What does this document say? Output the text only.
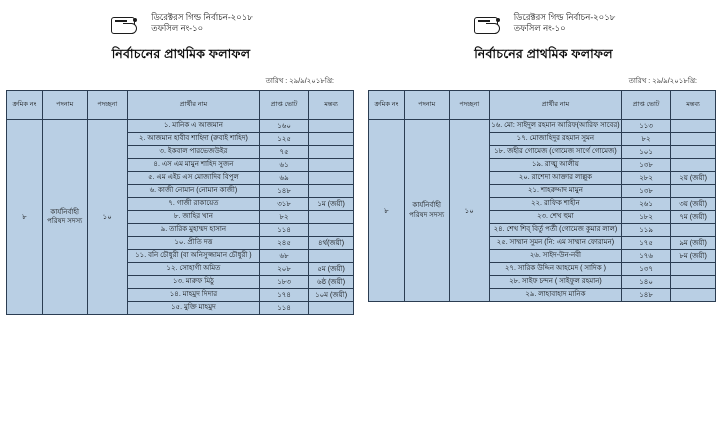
ডিরেক্টরস গিল্ড নির্বাচন-২০১৮
তফসিল নং-১০
নির্বাচনের প্রাথমিক ফলাফল
তারিখ : ২৯/৯/২০১৮খ্রি:
ক্রমিক নং	পদনাম	পদচ্ছনা	প্রার্থীর নাম	প্রাপ্ত ভোট	মন্তব্য
৮	কার্যনির্বাহী পরিষদ সদস্য	১০	১. মানিক এ আজমান	১৬০	
			২. আজমান হাবীব শাহিদা (রুবাই শাহিদ)	১২৫	
			৩. ইকবাল পারভেজউইর	৭৫	
			৪. এস এম মামুন শাহিদ সুজন	৬১	
			৫. এম এইচ এস মোজাদিব বিপুল	৬৯	
			৬. কাজী নোমান (নোমান কাজী)	১৪৮	
			৭. গাজী রাকায়েত	৩১৮	১ম (জয়ী)
			৮. জাহির খান	৮২	
			৯. তারিক মুহাম্মদ হাসান	১১৪	
			১০. প্রীতি দত্ত	২৪৫	৪র্থ(জয়ী)
			১১. বনি চৌধুরী (বা অনিসুজ্জামান চৌধুরী )	৬৮	
			১২. সোহাগী অমিত	২০৮	৫ম (জয়ী)
			১৩. মারুফ মিঠু	১৮৩	৬ষ্ঠ (জয়ী)
			১৪. মাহমুদ দিদার	১৭৪	১০ম (জয়ী)
			১৫. মুক্তি মাহমুদ	১১৪	
ডিরেক্টরস গিল্ড নির্বাচন-২০১৮
তফসিল নং-১০
নির্বাচনের প্রাথমিক ফলাফল
তারিখ : ২৯/৯/২০১৮খ্রি:
ক্রমিক নং	পদনাম	পদচ্ছনা	প্রার্থীর নাম	প্রাপ্ত ভোট	মন্তব্য
৮	কার্যনির্বাহী পরিষদ সদস্য	১০	১৬. মো: সাইদুল রহমান আরিফ(আরিফ সাবের)	১১৩	
			১৭. মোজাহিদুর রহমান সুমন	৮২	
			১৮. জহীর গোমেজ (গোমেজ সার্গে গোমেজ)	১০১	
			১৯. রাত্মু আলীয়	১৩৮	
			২০. রাশেদা আক্তার লাল্লুক	২৮২	২য় (জয়ী)
			২১. শাহরুদ্দাদ মামুন	১৩৮	
			২২. রাফিক শাহীন	২৬১	৩য় (জয়ী)
			২৩. শেখ হুমা	১৮২	৭ম (জয়ী)
			২৪. শেখ শিব্ বির্তু পর্তী (গোমেজ কুমার লাল)	১১৯	
			২৫. সাম্মান সুমন (নি: এম সাম্মান ফোরামন)	১৭৫	৯ম (জয়ী)
			২৬. সাইদ-উন-নবী	১৭৬	৮ম (জয়ী)
			২৭. সারিক উদ্দিন আহমেদ ( সাদিক )	১৩৭	
			২৮. সাইফ চন্দন ( সাইফুল রহমান)	১৪০	
			২৯. লাহাবাহাদ মানিক	১৪৮	
